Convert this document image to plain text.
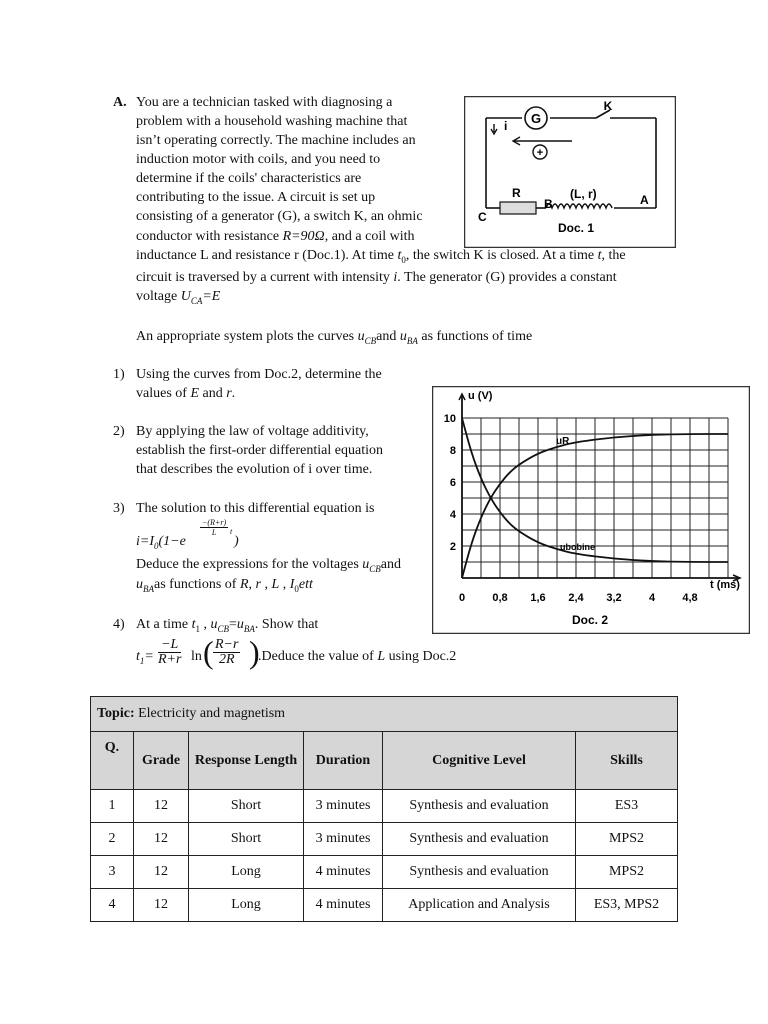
A. You are a technician tasked with diagnosing a
problem with a household washing machine that
isn’t operating correctly. The machine includes an
induction motor with coils, and you need to
determine if the coils' characteristics are
contributing to the issue. A circuit is set up
consisting of a generator (G), a switch K, an ohmic
conductor with resistance R=90Ω, and a coil with
inductance L and resistance r (Doc.1). At time $t_0$, the switch K is closed. At a time t, the
circuit is traversed by a current with intensity i. The generator (G) provides a constant
voltage $U_{CA}=E$
An appropriate system plots the curves $u_{CB}and$ $u_{BA}$ as functions of time
G
K
i
+
R
B
(L, r)	A
C
Doc. 1
1) Using the curves from Doc.2, determine the
values of E and r.
2) By applying the law of voltage additivity,
establish the first-order differential equation
that describes the evolution of i over time.
3) The solution to this differential equation is
$i=I_0(1-e$
$\frac{-(R+r)}{L}$ t
)
Deduce the expressions for the voltages $u_{CB}and$
$u_{BA}as$ functions of R, r , L , $I_0ett$
4) At a time $t_1$ , $u_{CB}=u_{BA}$. Show that
$t_1= \frac{-L}{R+r}$ ln ( $\frac{R-r}{2R}$ )
.Deduce the value of L using Doc.2
0 0,8 1,6 2,4 3,2 4 4,8
2
4
6
8
10
u (V)
t (ms)
Doc. 2
uR
ubobine
Topic: Electricity and magnetism					
Q.	Grade	Response Length	Duration	Cognitive Level	Skills
1	12	Short	3 minutes	Synthesis and evaluation	ES3
2	12	Short	3 minutes	Synthesis and evaluation	MPS2
3	12	Long	4 minutes	Synthesis and evaluation	MPS2
4	12	Long	4 minutes	Application and Analysis	ES3, MPS2
